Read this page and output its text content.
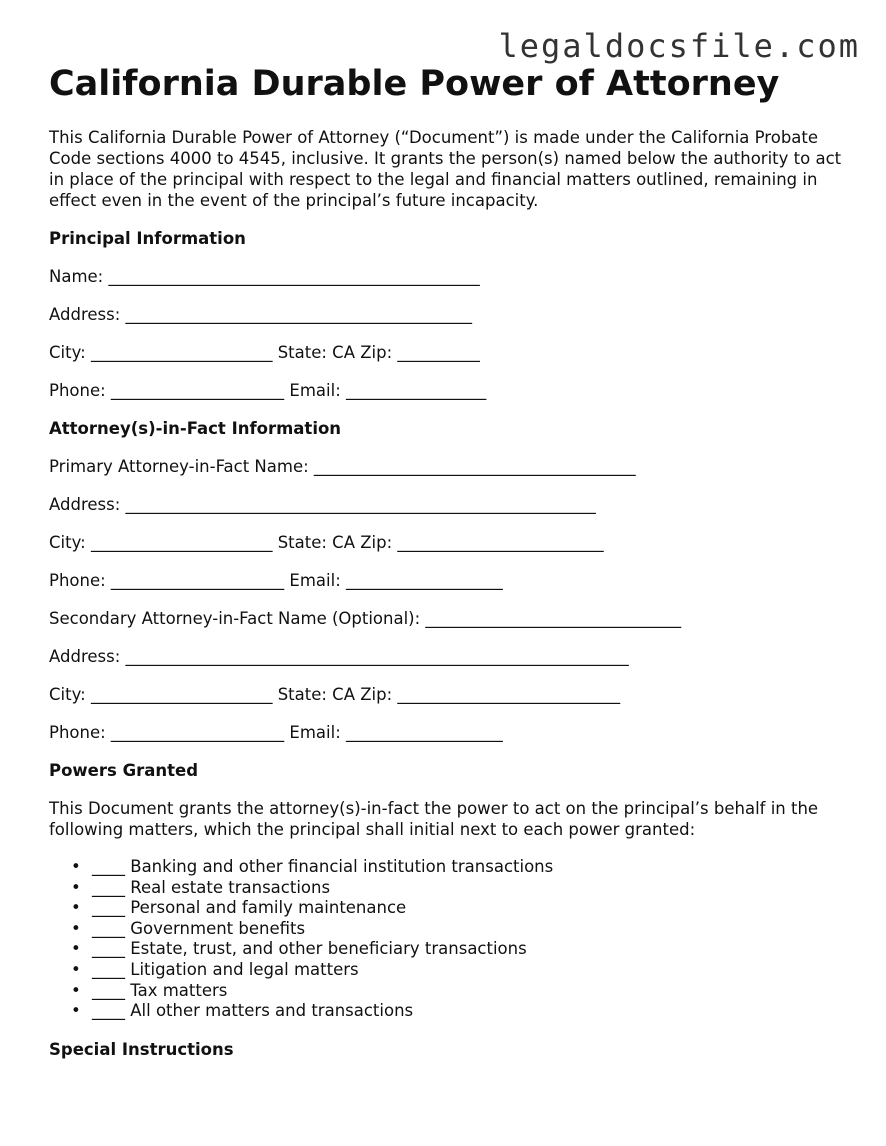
legaldocsfile.com
California Durable Power of Attorney

This California Durable Power of Attorney (“Document”) is made under the California Probate Code sections 4000 to 4545, inclusive. It grants the person(s) named below the authority to act in place of the principal with respect to the legal and financial matters outlined, remaining in effect even in the event of the principal’s future incapacity.

Principal Information

Name: _____________________________________________

Address: __________________________________________

City: ______________________ State: CA Zip: __________

Phone: _____________________ Email: _________________

Attorney(s)-in-Fact Information

Primary Attorney-in-Fact Name: _______________________________________

Address: _________________________________________________________

City: ______________________ State: CA Zip: _________________________

Phone: _____________________ Email: ___________________

Secondary Attorney-in-Fact Name (Optional): _______________________________

Address: _____________________________________________________________

City: ______________________ State: CA Zip: ___________________________

Phone: _____________________ Email: ___________________

Powers Granted

This Document grants the attorney(s)-in-fact the power to act on the principal’s behalf in the following matters, which the principal shall initial next to each power granted:

• ____ Banking and other financial institution transactions
• ____ Real estate transactions
• ____ Personal and family maintenance
• ____ Government benefits
• ____ Estate, trust, and other beneficiary transactions
• ____ Litigation and legal matters
• ____ Tax matters
• ____ All other matters and transactions

Special Instructions
